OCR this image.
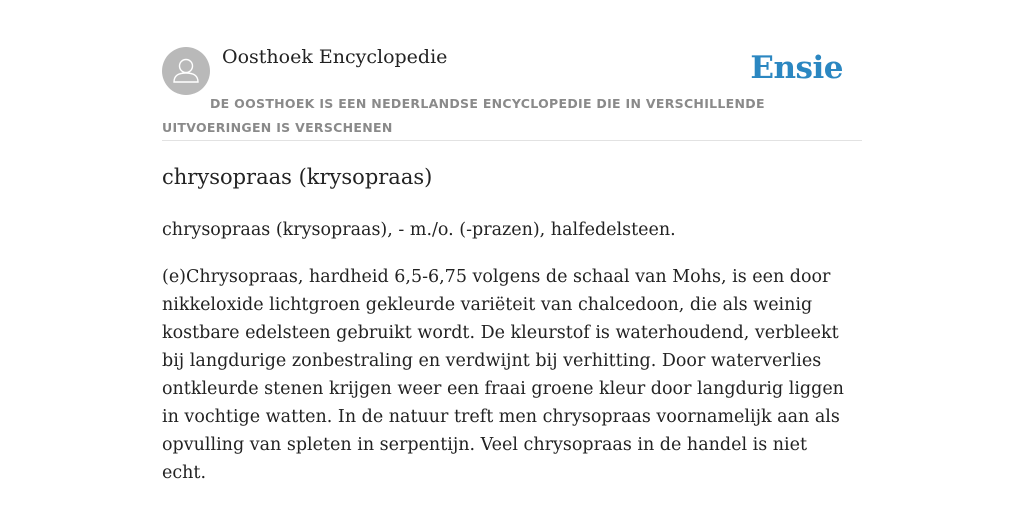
Oosthoek Encyclopedie	Ensie
DE OOSTHOEK IS EEN NEDERLANDSE ENCYCLOPEDIE DIE IN VERSCHILLENDE UITVOERINGEN IS VERSCHENEN
chrysopraas (krysopraas)

chrysopraas (krysopraas), - m./o. (-prazen), halfedelsteen.

(e)Chrysopraas, hardheid 6,5-6,75 volgens de schaal van Mohs, is een door nikkeloxide lichtgroen gekleurde variëteit van chalcedoon, die als weinig kostbare edelsteen gebruikt wordt. De kleurstof is waterhoudend, verbleekt bij langdurige zonbestraling en verdwijnt bij verhitting. Door waterverlies ontkleurde stenen krijgen weer een fraai groene kleur door langdurig liggen in vochtige watten. In de natuur treft men chrysopraas voornamelijk aan als opvulling van spleten in serpentijn. Veel chrysopraas in de handel is niet echt.
